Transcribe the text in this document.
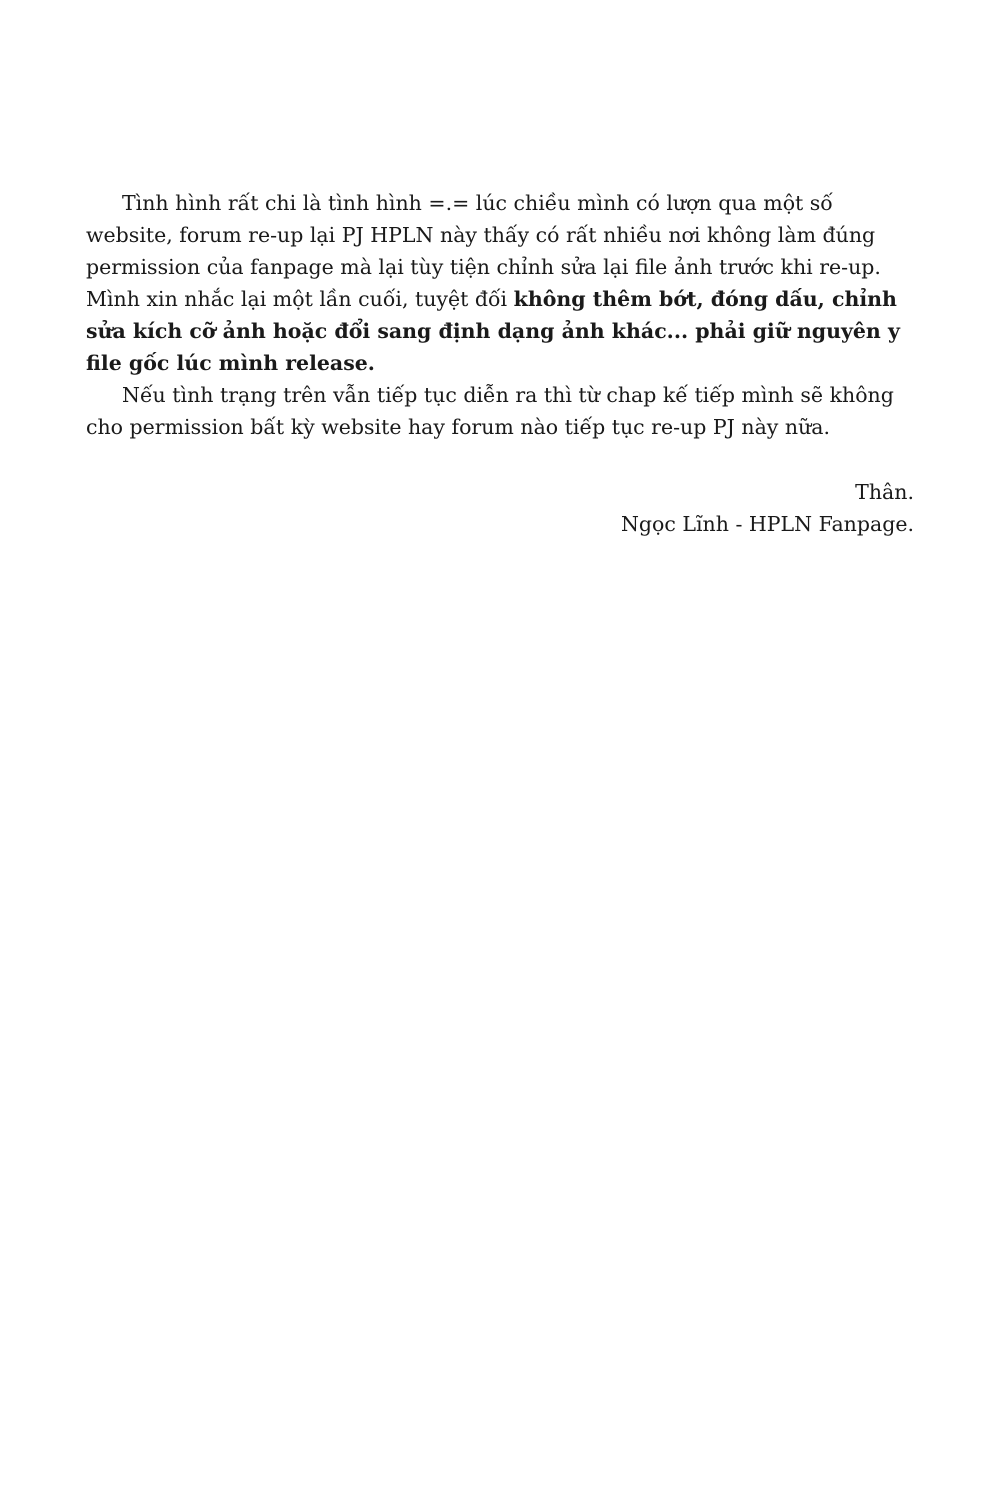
Tình hình rất chi là tình hình =.= lúc chiều mình có lượn qua một số website, forum re-up lại PJ HPLN này thấy có rất nhiều nơi không làm đúng permission của fanpage mà lại tùy tiện chỉnh sửa lại file ảnh trước khi re-up. Mình xin nhắc lại một lần cuối, tuyệt đối không thêm bớt, đóng dấu, chỉnh sửa kích cỡ ảnh hoặc đổi sang định dạng ảnh khác... phải giữ nguyên y file gốc lúc mình release.

Nếu tình trạng trên vẫn tiếp tục diễn ra thì từ chap kế tiếp mình sẽ không cho permission bất kỳ website hay forum nào tiếp tục re-up PJ này nữa.

Thân.
Ngọc Lĩnh - HPLN Fanpage.
